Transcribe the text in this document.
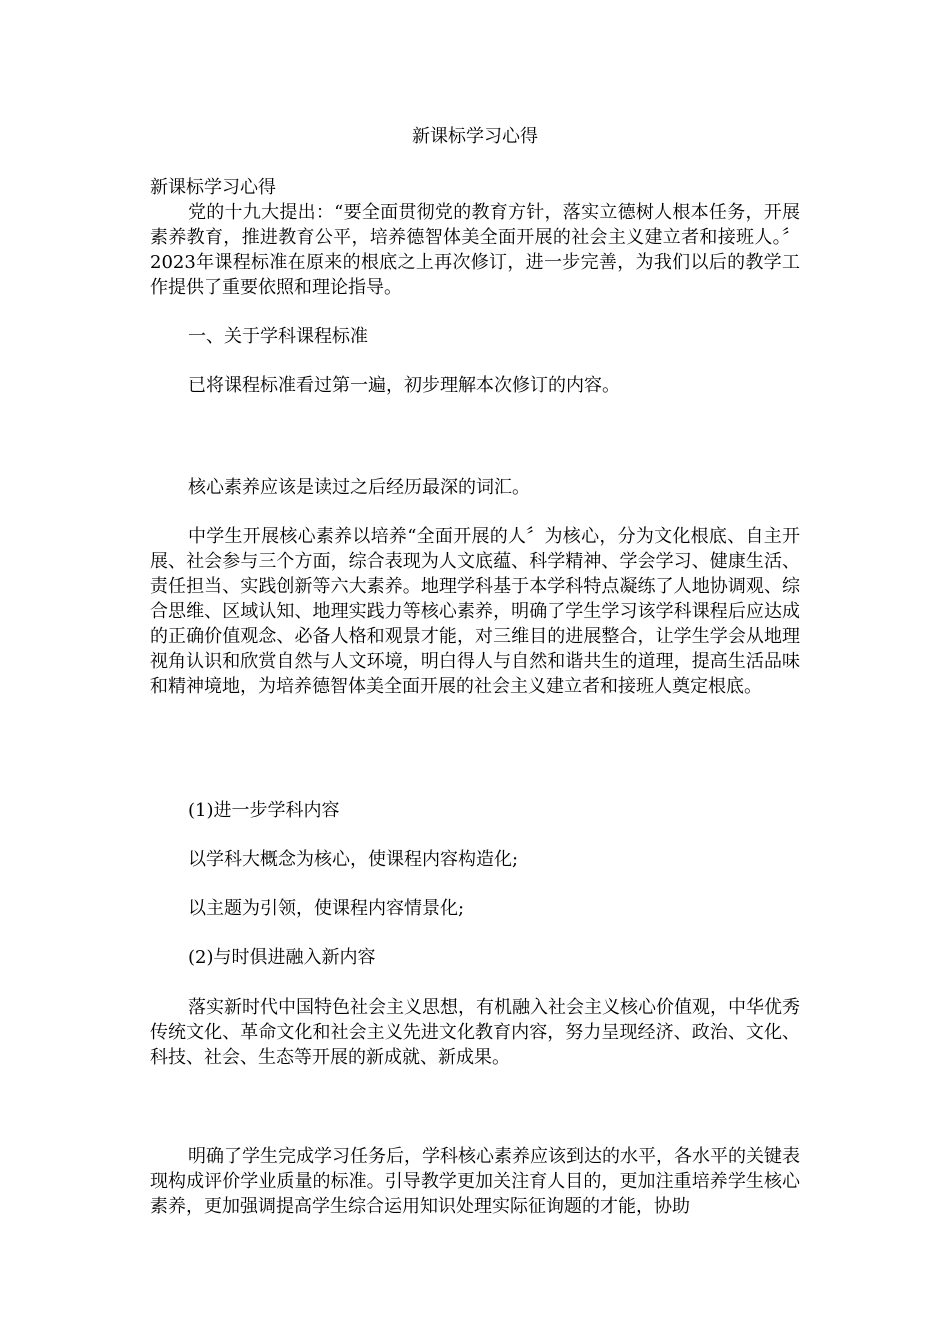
新课标学习心得

新课标学习心得

党的十九大提出：“要全面贯彻党的教育方针，落实立德树人根本任务，开展素养教育，推进教育公平，培养德智体美全面开展的社会主义建立者和接班人。〞 2023年课程标准在原来的根底之上再次修订，进一步完善，为我们以后的教学工作提供了重要依照和理论指导。

一、关于学科课程标准

已将课程标准看过第一遍，初步理解本次修订的内容。

核心素养应该是读过之后经历最深的词汇。

中学生开展核心素养以培养“全面开展的人〞为核心，分为文化根底、自主开展、社会参与三个方面，综合表现为人文底蕴、科学精神、学会学习、健康生活、责任担当、实践创新等六大素养。地理学科基于本学科特点凝练了人地协调观、综合思维、区域认知、地理实践力等核心素养，明确了学生学习该学科课程后应达成的正确价值观念、必备人格和观景才能，对三维目的进展整合，让学生学会从地理视角认识和欣赏自然与人文环境，明白得人与自然和谐共生的道理，提高生活品味和精神境地，为培养德智体美全面开展的社会主义建立者和接班人奠定根底。

(1)进一步学科内容

以学科大概念为核心，使课程内容构造化;

以主题为引领，使课程内容情景化;

(2)与时俱进融入新内容

落实新时代中国特色社会主义思想，有机融入社会主义核心价值观，中华优秀传统文化、革命文化和社会主义先进文化教育内容，努力呈现经济、政治、文化、科技、社会、生态等开展的新成就、新成果。

明确了学生完成学习任务后，学科核心素养应该到达的水平，各水平的关键表现构成评价学业质量的标准。引导教学更加关注育人目的，更加注重培养学生核心素养，更加强调提高学生综合运用知识处理实际征询题的才能，协助
